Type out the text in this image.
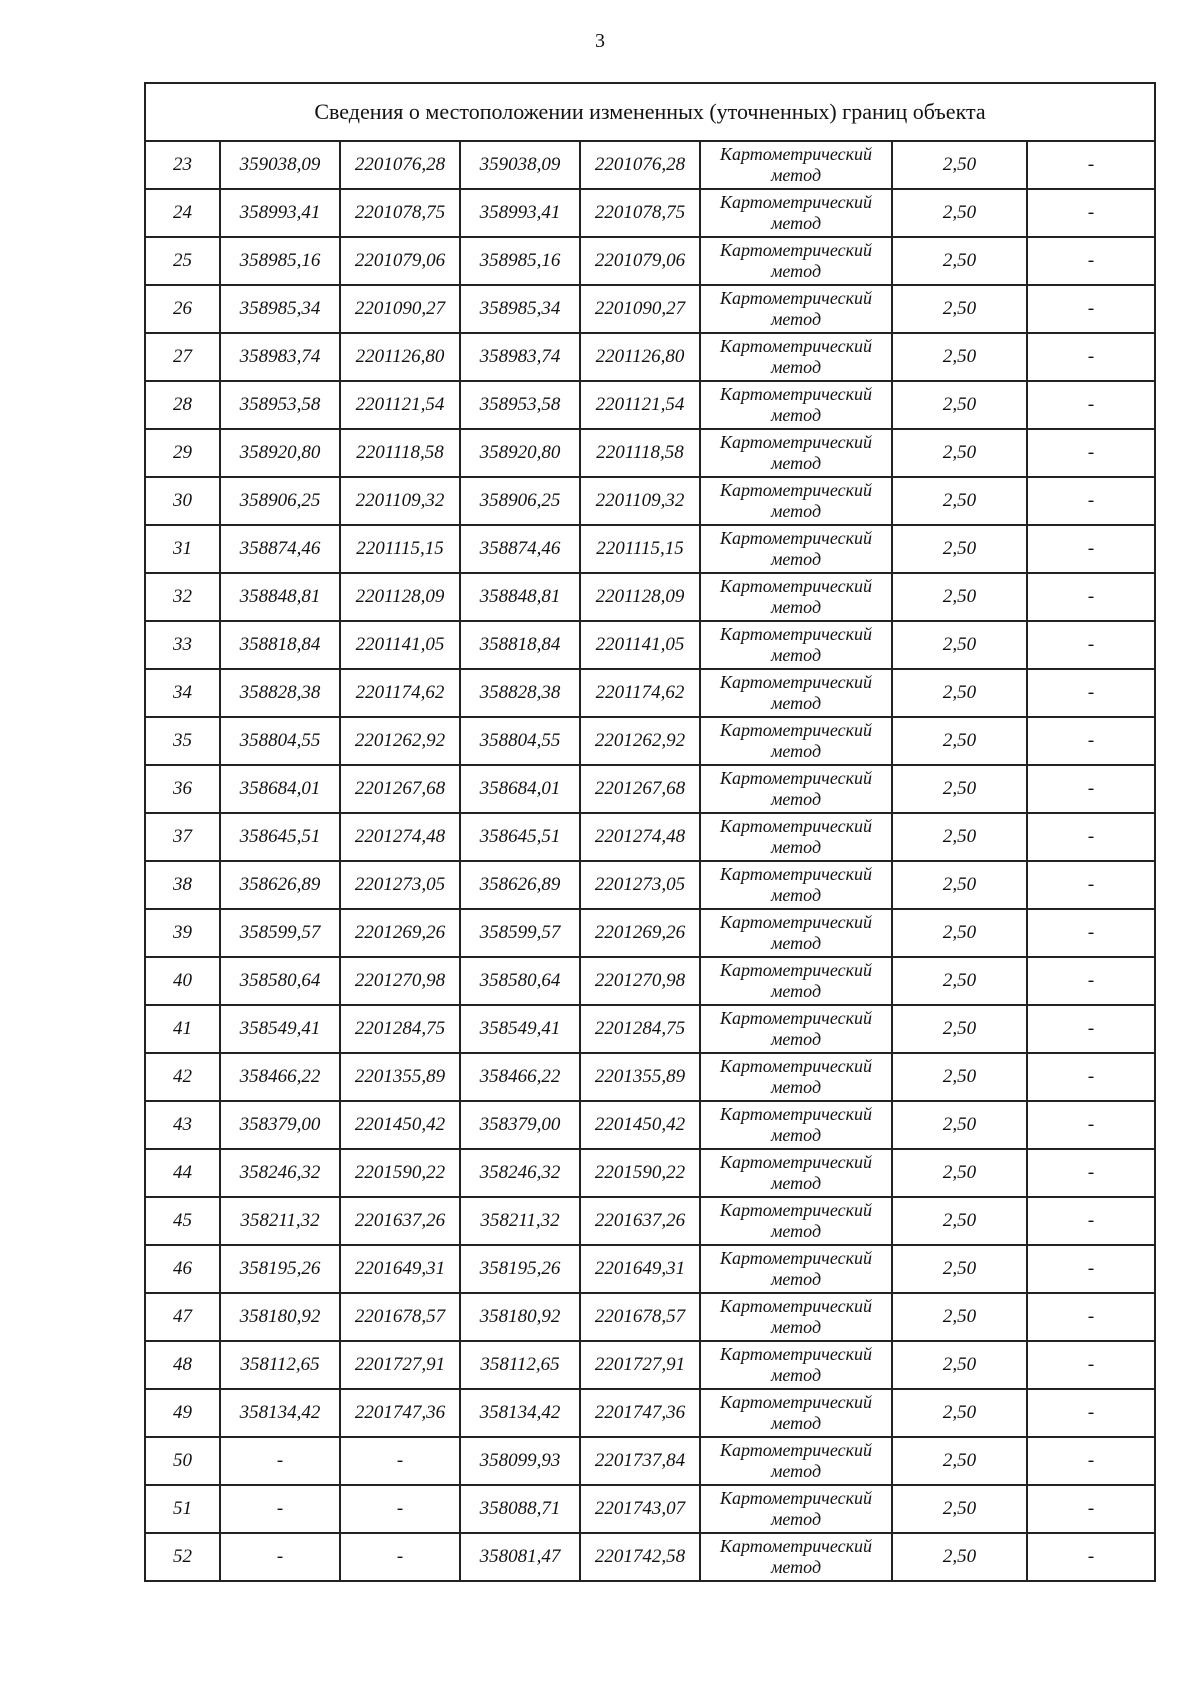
3
Сведения о местоположении измененных (уточненных) границ объекта							
23	359038,09	2201076,28	359038,09	2201076,28	Картометрический метод	2,50	-
24	358993,41	2201078,75	358993,41	2201078,75	Картометрический метод	2,50	-
25	358985,16	2201079,06	358985,16	2201079,06	Картометрический метод	2,50	-
26	358985,34	2201090,27	358985,34	2201090,27	Картометрический метод	2,50	-
27	358983,74	2201126,80	358983,74	2201126,80	Картометрический метод	2,50	-
28	358953,58	2201121,54	358953,58	2201121,54	Картометрический метод	2,50	-
29	358920,80	2201118,58	358920,80	2201118,58	Картометрический метод	2,50	-
30	358906,25	2201109,32	358906,25	2201109,32	Картометрический метод	2,50	-
31	358874,46	2201115,15	358874,46	2201115,15	Картометрический метод	2,50	-
32	358848,81	2201128,09	358848,81	2201128,09	Картометрический метод	2,50	-
33	358818,84	2201141,05	358818,84	2201141,05	Картометрический метод	2,50	-
34	358828,38	2201174,62	358828,38	2201174,62	Картометрический метод	2,50	-
35	358804,55	2201262,92	358804,55	2201262,92	Картометрический метод	2,50	-
36	358684,01	2201267,68	358684,01	2201267,68	Картометрический метод	2,50	-
37	358645,51	2201274,48	358645,51	2201274,48	Картометрический метод	2,50	-
38	358626,89	2201273,05	358626,89	2201273,05	Картометрический метод	2,50	-
39	358599,57	2201269,26	358599,57	2201269,26	Картометрический метод	2,50	-
40	358580,64	2201270,98	358580,64	2201270,98	Картометрический метод	2,50	-
41	358549,41	2201284,75	358549,41	2201284,75	Картометрический метод	2,50	-
42	358466,22	2201355,89	358466,22	2201355,89	Картометрический метод	2,50	-
43	358379,00	2201450,42	358379,00	2201450,42	Картометрический метод	2,50	-
44	358246,32	2201590,22	358246,32	2201590,22	Картометрический метод	2,50	-
45	358211,32	2201637,26	358211,32	2201637,26	Картометрический метод	2,50	-
46	358195,26	2201649,31	358195,26	2201649,31	Картометрический метод	2,50	-
47	358180,92	2201678,57	358180,92	2201678,57	Картометрический метод	2,50	-
48	358112,65	2201727,91	358112,65	2201727,91	Картометрический метод	2,50	-
49	358134,42	2201747,36	358134,42	2201747,36	Картометрический метод	2,50	-
50	-	-	358099,93	2201737,84	Картометрический метод	2,50	-
51	-	-	358088,71	2201743,07	Картометрический метод	2,50	-
52	-	-	358081,47	2201742,58	Картометрический метод	2,50	-
